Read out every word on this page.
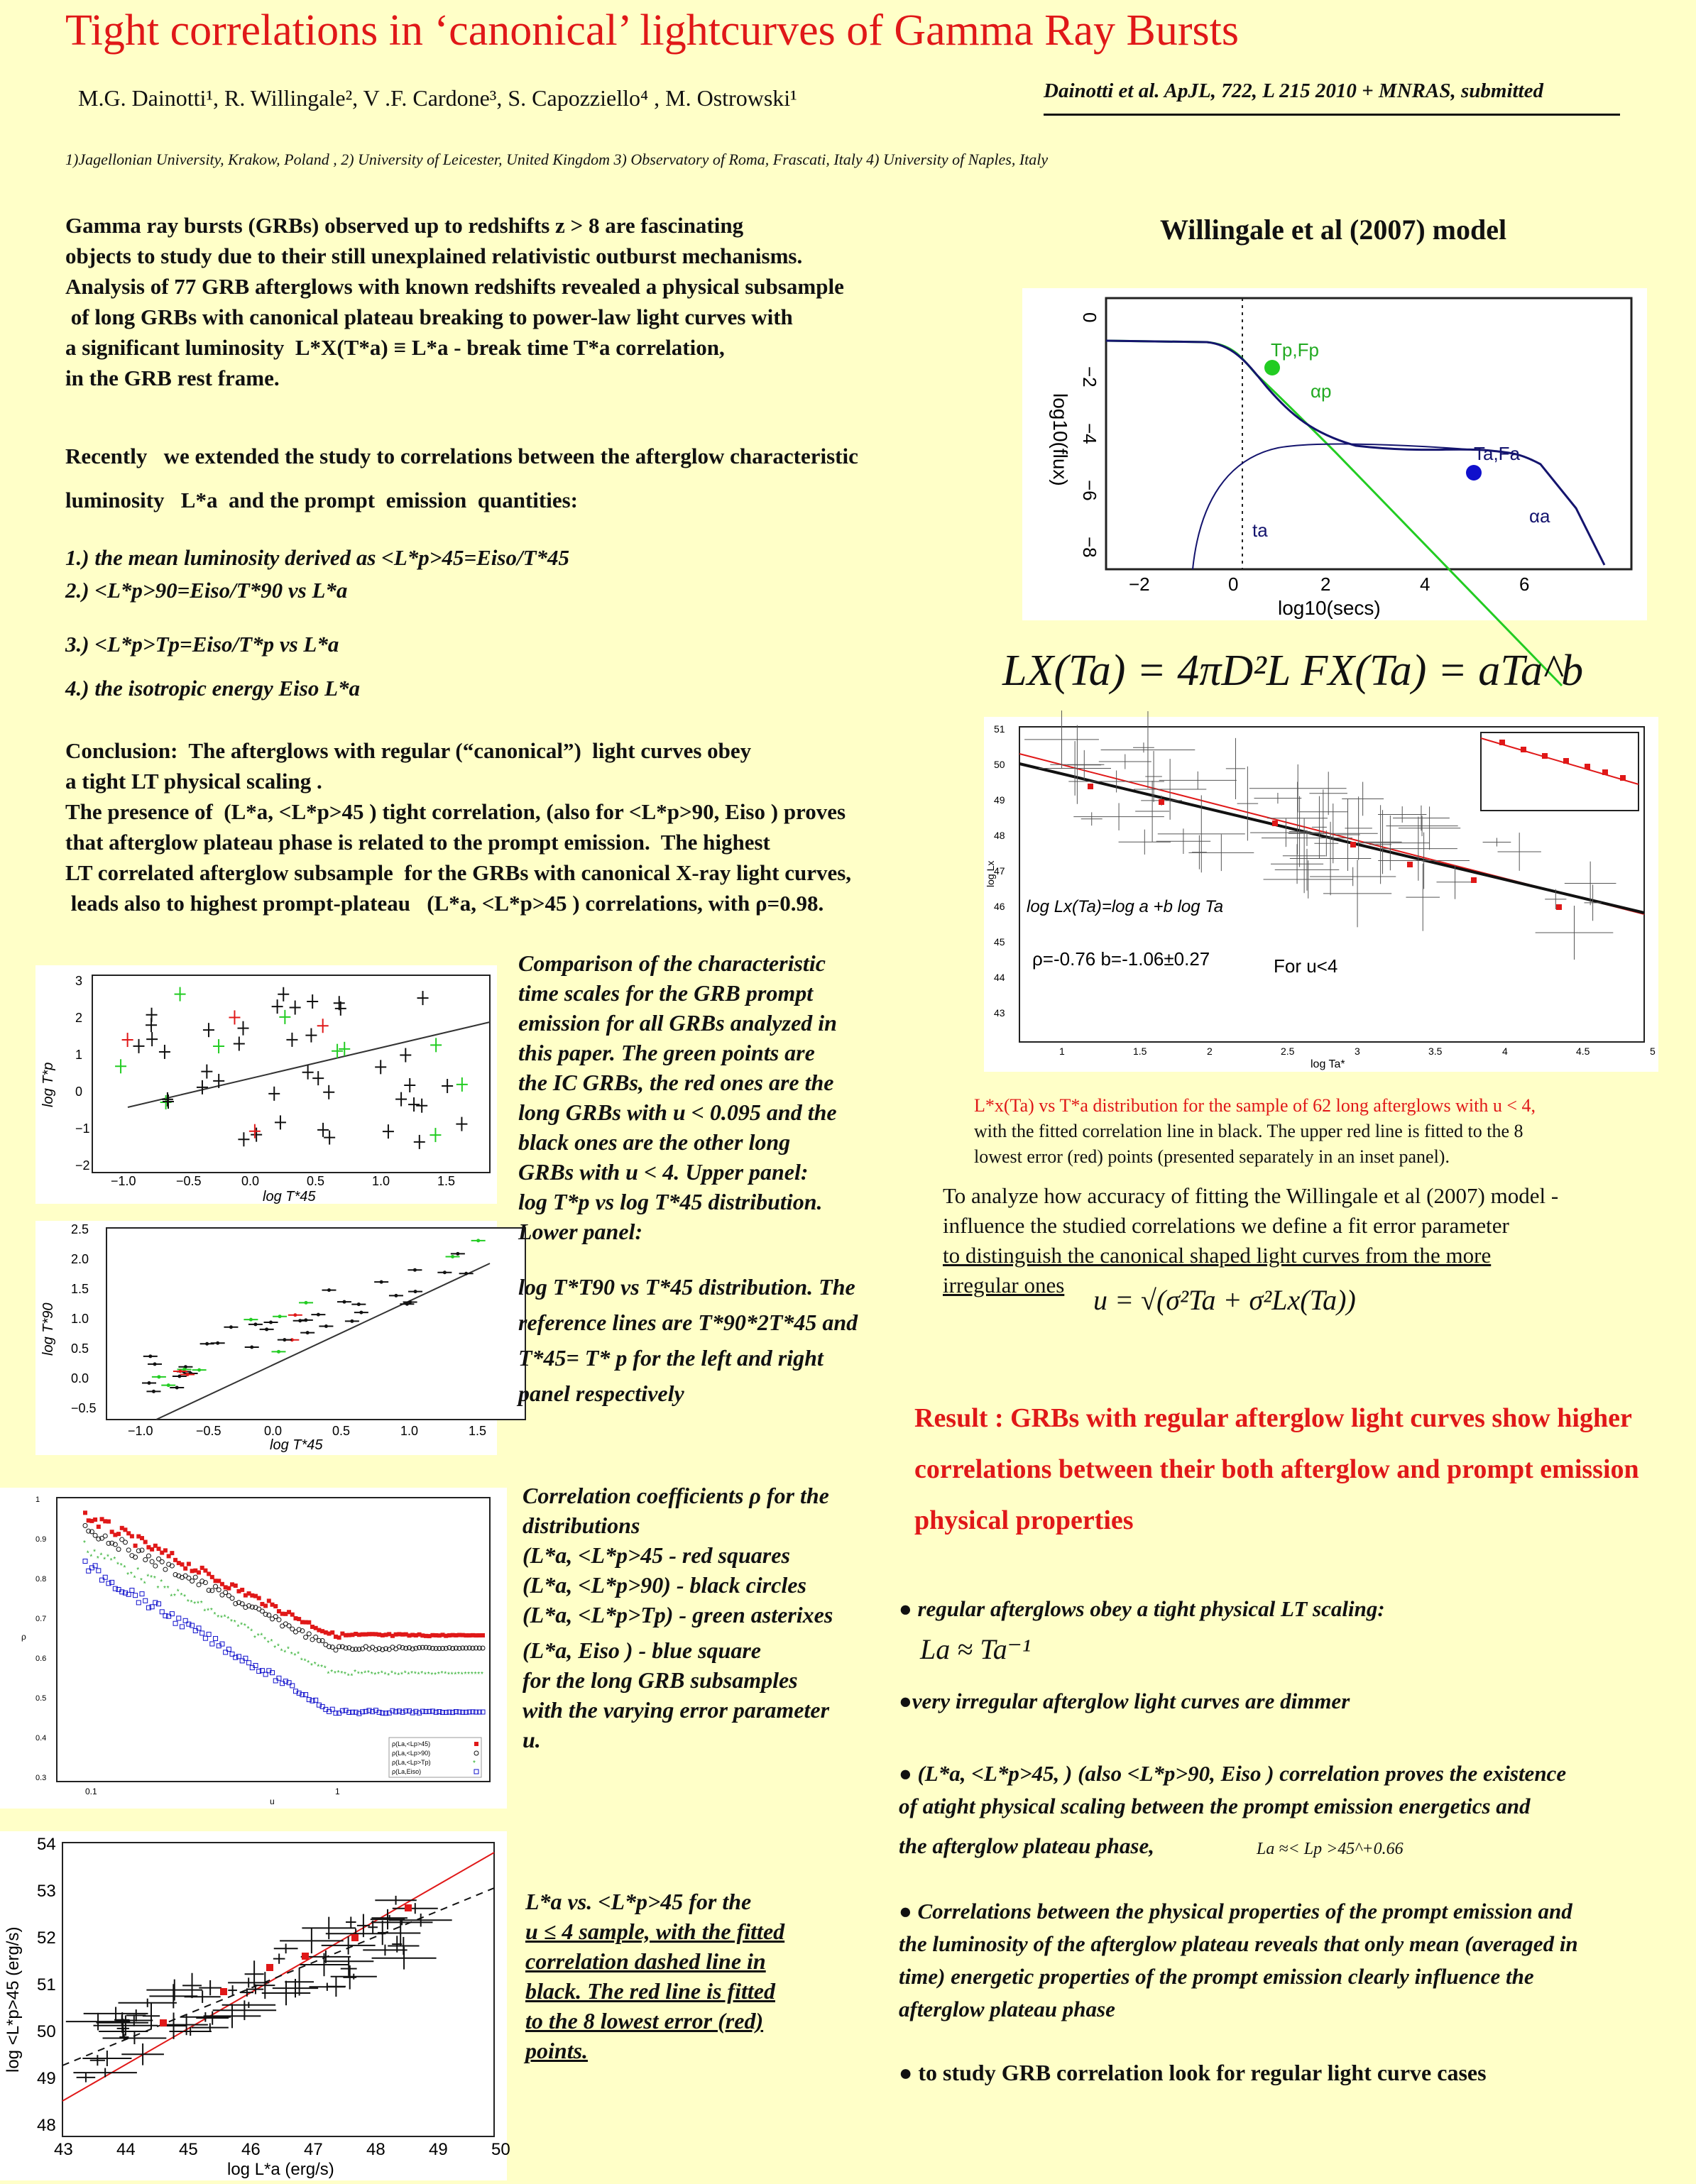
Tight correlations in ‘canonical’ lightcurves of Gamma Ray Bursts
M.G. Dainotti¹, R. Willingale², V .F. Cardone³, S. Capozziello⁴ , M. Ostrowski¹	Dainotti et al. ApJL, 722, L 215 2010 + MNRAS, submitted
1)Jagellonian University, Krakow, Poland , 2) University of Leicester, United Kingdom 3) Observatory of Roma, Frascati, Italy 4) University of Naples, Italy

Gamma ray bursts (GRBs) observed up to redshifts z > 8 are fascinating

objects to study due to their still unexplained relativistic outburst mechanisms.

Analysis of 77 GRB afterglows with known redshifts revealed a physical subsample

of long GRBs with canonical plateau breaking to power-law light curves with

a significant luminosity  L*X(T*a) ≡ L*a - break time T*a correlation,

in the GRB rest frame.

Recently   we extended the study to correlations between the afterglow characteristic

luminosity   L*a  and the prompt  emission  quantities:

1.) the mean luminosity derived as <L*p>45=Eiso/T*45
2.) <L*p>90=Eiso/T*90 vs L*a
3.) <L*p>Tp=Eiso/T*p vs L*a
4.) the isotropic energy Eiso L*a

Conclusion:  The afterglows with regular (“canonical”)  light curves obey

a tight LT physical scaling .

The presence of  (L*a, <L*p>45 ) tight correlation, (also for <L*p>90, Eiso ) proves

that afterglow plateau phase is related to the prompt emission.  The highest

LT correlated afterglow subsample  for the GRBs with canonical X-ray light curves,

leads also to highest prompt-plateau   (L*a, <L*p>45 ) correlations, with ρ=0.98.

Willingale et al (2007) model
Tp,Fp
αp
Ta,Fa
αa
ta
−2	0	2	4	6
log10(secs)
0
−2
−4
−6
−8
log10(flux)
LX(Ta) = 4πD²L FX(Ta) = aTa^b
log Lx(Ta)=log a +b log Ta
ρ=-0.76 b=-1.06±0.27	For u<4
1	1.5	2	2.5	3	3.5	4	4.5	5
51
50
49
48
47
46
45
44
43
log Ta*
log Lx
L*x(Ta) vs T*a distribution for the sample of 62 long afterglows with u < 4,
with the fitted correlation line in black. The upper red line is fitted to the 8
lowest error (red) points (presented separately in an inset panel).
To analyze how accuracy of fitting the Willingale et al (2007) model -
influence the studied correlations we define a fit error parameter
to distinguish the canonical shaped light curves from the more
irregular ones	u = √(σ²Ta + σ²Lx(Ta))
Result : GRBs with regular afterglow light curves show higher correlations between their both afterglow and prompt emission physical properties
● regular afterglows obey a tight physical LT scaling:
La ≈ Ta⁻¹
●very irregular afterglow light curves are dimmer
● (L*a, <L*p>45, ) (also <L*p>90, Eiso ) correlation proves the existence
of atight physical scaling between the prompt emission energetics and
the afterglow plateau phase,	La ≈< Lp >45^+0.66
● Correlations between the physical properties of the prompt emission and
the luminosity of the afterglow plateau reveals that only mean (averaged in
time) energetic properties of the prompt emission clearly influence the
afterglow plateau phase
● to study GRB correlation look for regular light curve cases
−1.0	−0.5	0.0	0.5	1.0	1.5
3
2
1
0
−1
−2
log T*45
log T*p
−1.0	−0.5	0.0	0.5	1.0	1.5
2.5
2.0
1.5
1.0
0.5
0.0
−0.5
log T*45
log T*90
Comparison of the characteristic
time scales for the GRB prompt
emission for all GRBs analyzed in
this paper. The green points are
the IC GRBs, the red ones are the
long GRBs with u < 0.095 and the
black ones are the other long
GRBs with u < 4. Upper panel:
log T*p vs log T*45 distribution.
Lower panel:
log T*T90 vs T*45 distribution. The
reference lines are T*90*2T*45 and
T*45= T* p for the left and right
panel respectively
*
* *
*
* *
* *
* *
* * *
* * *
*
* *
* * *
*
*
* *
* *
* * *
* * * * *
* * *
* * * * * * *
* * * * *
* * * * * *
* *
* * *
* * *
* * * * * * * *
* * * * * * * *
* * * * * * * * * * * * * * * * * * * * * * * * * * * * * * * * * * * * * * *
1
0.9
0.8
0.7
0.6
0.5
0.4
0.3
0.1	1
u
ρ
ρ(La,<Lp>45)
ρ(La,<Lp>90)
ρ(La,<Lp>Tp)
ρ(La,Eiso)
*
Correlation coefficients ρ for the
distributions
(L*a, <L*p>45 - red squares
(L*a, <L*p>90) - black circles
(L*a, <L*p>Tp) - green asterixes
(L*a, Eiso ) - blue square
for the long GRB subsamples
with the varying error parameter
u.
43	44	45	46	47	48	49	50
54
53
52
51
50
49
48
log L*a (erg/s)
log <L*p>45 (erg/s)
L*a vs. <L*p>45 for the
u ≤ 4 sample, with the fitted
correlation dashed line in
black. The red line is fitted
to the 8 lowest error (red)
points.
